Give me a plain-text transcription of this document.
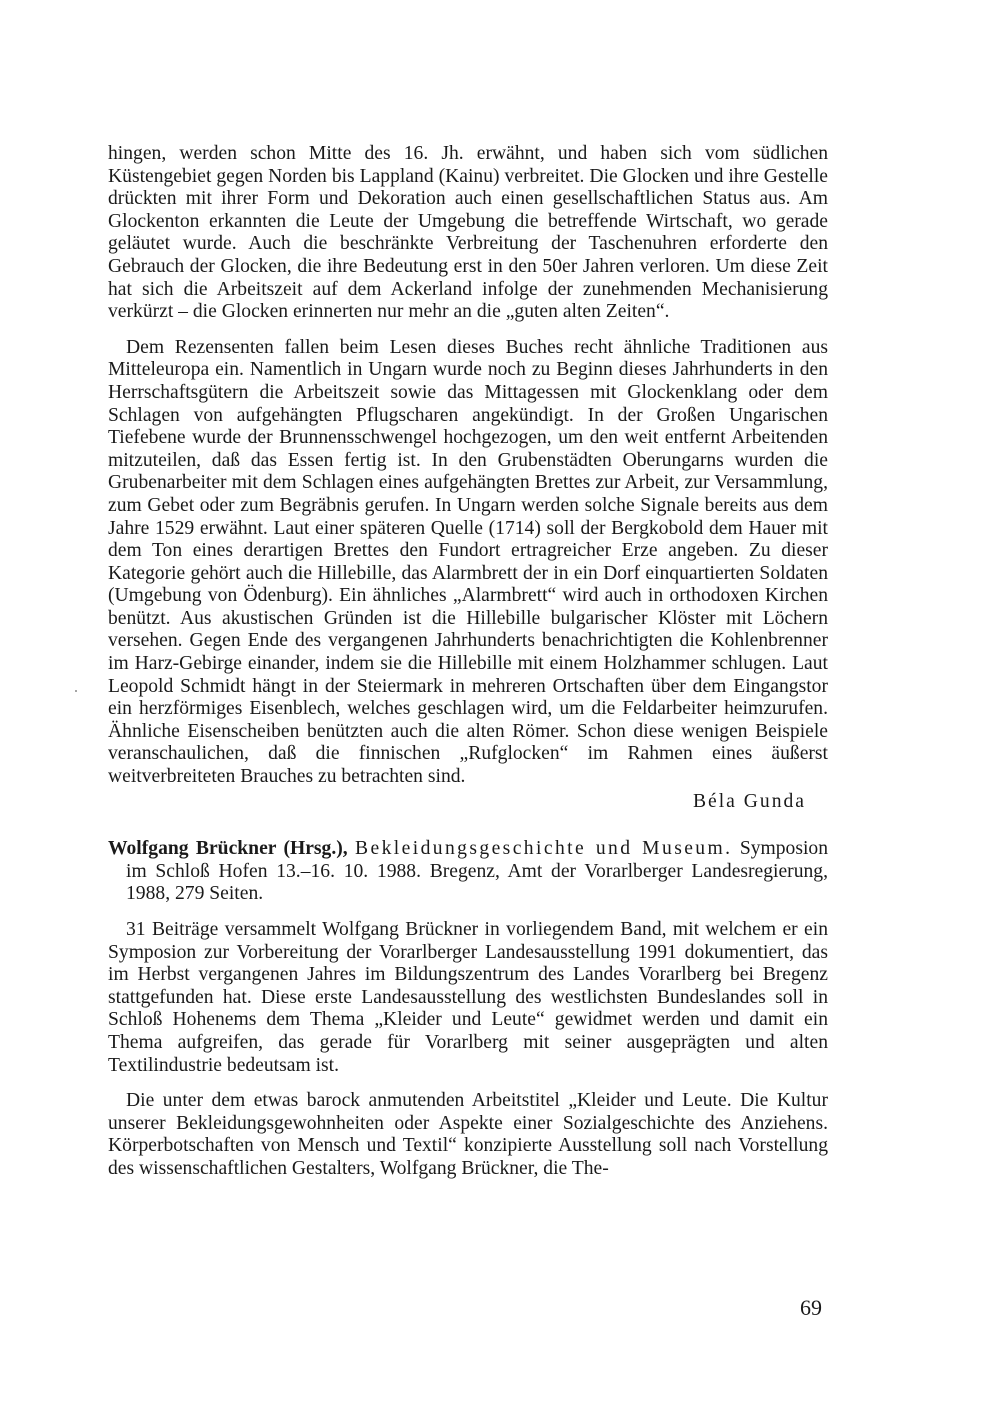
hingen, werden schon Mitte des 16. Jh. erwähnt, und haben sich vom südlichen Küstengebiet gegen Norden bis Lappland (Kainu) verbreitet. Die Glocken und ihre Gestelle drückten mit ihrer Form und Dekoration auch einen gesellschaftlichen Status aus. Am Glockenton erkannten die Leute der Umgebung die betreffende Wirtschaft, wo gerade geläutet wurde. Auch die beschränkte Verbreitung der Taschenuhren erforderte den Gebrauch der Glocken, die ihre Bedeutung erst in den 50er Jahren verloren. Um diese Zeit hat sich die Arbeitszeit auf dem Ackerland infolge der zunehmenden Mechanisierung verkürzt – die Glocken erinnerten nur mehr an die „guten alten Zeiten“.

Dem Rezensenten fallen beim Lesen dieses Buches recht ähnliche Traditionen aus Mitteleuropa ein. Namentlich in Ungarn wurde noch zu Beginn dieses Jahrhunderts in den Herrschaftsgütern die Arbeitszeit sowie das Mittagessen mit Glockenklang oder dem Schlagen von aufgehängten Pflugscharen angekündigt. In der Großen Ungarischen Tiefebene wurde der Brunnensschwengel hochgezogen, um den weit entfernt Arbeitenden mitzuteilen, daß das Essen fertig ist. In den Grubenstädten Oberungarns wurden die Grubenarbeiter mit dem Schlagen eines aufgehängten Brettes zur Arbeit, zur Versammlung, zum Gebet oder zum Begräbnis gerufen. In Ungarn werden solche Signale bereits aus dem Jahre 1529 erwähnt. Laut einer späteren Quelle (1714) soll der Bergkobold dem Hauer mit dem Ton eines derartigen Brettes den Fundort ertragreicher Erze angeben. Zu dieser Kategorie gehört auch die Hillebille, das Alarmbrett der in ein Dorf einquartierten Soldaten (Umgebung von Ödenburg). Ein ähnliches „Alarmbrett“ wird auch in orthodoxen Kirchen benützt. Aus akustischen Gründen ist die Hillebille bulgarischer Klöster mit Löchern versehen. Gegen Ende des vergangenen Jahrhunderts benachrichtigten die Kohlenbrenner im Harz-Gebirge einander, indem sie die Hillebille mit einem Holzhammer schlugen. Laut Leopold Schmidt hängt in der Steiermark in mehreren Ortschaften über dem Eingangstor ein herzförmiges Eisenblech, welches geschlagen wird, um die Feldarbeiter heimzurufen. Ähnliche Eisenscheiben benützten auch die alten Römer. Schon diese wenigen Beispiele veranschaulichen, daß die finnischen „Rufglocken“ im Rahmen eines äußerst weitverbreiteten Brauches zu betrachten sind.

Béla Gunda

Wolfgang Brückner (Hrsg.), Bekleidungsgeschichte und Museum. Symposion im Schloß Hofen 13.–16. 10. 1988. Bregenz, Amt der Vorarlberger Landesregierung, 1988, 279 Seiten.

31 Beiträge versammelt Wolfgang Brückner in vorliegendem Band, mit welchem er ein Symposion zur Vorbereitung der Vorarlberger Landesausstellung 1991 dokumentiert, das im Herbst vergangenen Jahres im Bildungszentrum des Landes Vorarlberg bei Bregenz stattgefunden hat. Diese erste Landesausstellung des westlichsten Bundeslandes soll in Schloß Hohenems dem Thema „Kleider und Leute“ gewidmet werden und damit ein Thema aufgreifen, das gerade für Vorarlberg mit seiner ausgeprägten und alten Textilindustrie bedeutsam ist.

Die unter dem etwas barock anmutenden Arbeitstitel „Kleider und Leute. Die Kultur unserer Bekleidungsgewohnheiten oder Aspekte einer Sozialgeschichte des Anziehens. Körperbotschaften von Mensch und Textil“ konzipierte Ausstellung soll nach Vorstellung des wissenschaftlichen Gestalters, Wolfgang Brückner, die The-

69
